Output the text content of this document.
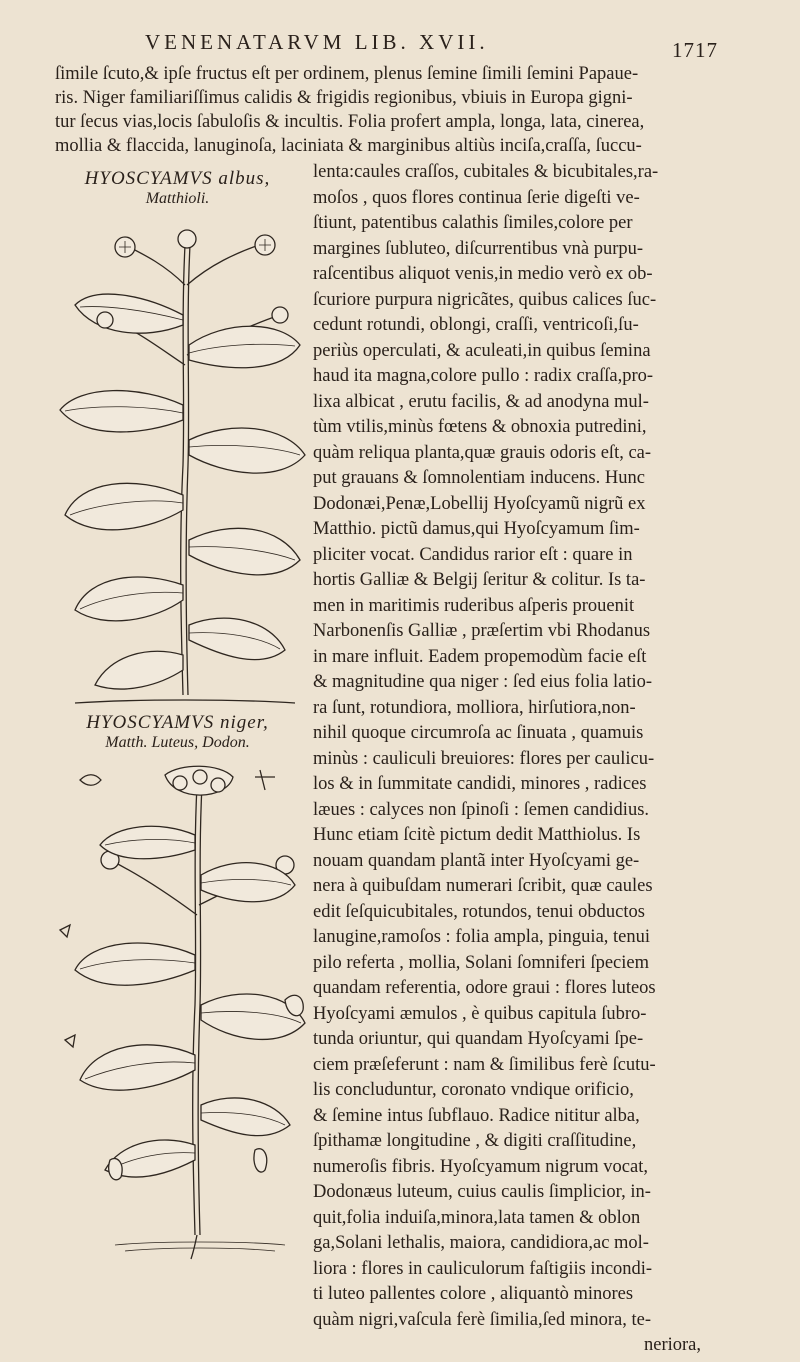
VENENATARVM LIB. XVII.	1717
ſimile ſcuto,& ipſe fructus eſt per ordinem, plenus ſemine ſimili ſemini Papaue-
ris. Niger familiariſſimus calidis & frigidis regionibus, vbiuis in Europa gigni-
tur ſecus vias,locis ſabuloſis & incultis. Folia profert ampla, longa, lata, cinerea,
mollia & flaccida, lanuginoſa, laciniata & marginibus altiùs inciſa,craſſa, ſuccu-
HYOSCYAMVS albus,
Matthioli.
HYOSCYAMVS niger,
Matth. Luteus, Dodon.
lenta:caules craſſos, cubitales & bicubitales,ra-
moſos , quos flores continua ſerie digeſti ve-
ſtiunt, patentibus calathis ſimiles,colore per
margines ſubluteo, diſcurrentibus vnà purpu-
raſcentibus aliquot venis,in medio verò ex ob-
ſcuriore purpura nigricãtes, quibus calices ſuc-
cedunt rotundi, oblongi, craſſi, ventricoſi,ſu-
periùs operculati, & aculeati,in quibus ſemina
haud ita magna,colore pullo : radix craſſa,pro-
lixa albicat , erutu facilis, & ad anodyna mul-
tùm vtilis,minùs fœtens & obnoxia putredini,
quàm reliqua planta,quæ grauis odoris eſt, ca-
put grauans & ſomnolentiam inducens. Hunc
Dodonæi,Penæ,Lobellij Hyoſcyamũ nigrũ ex
Matthio. pictũ damus,qui Hyoſcyamum ſim-
pliciter vocat. Candidus rarior eſt : quare in
hortis Galliæ & Belgij ſeritur & colitur. Is ta-
men in maritimis ruderibus aſperis prouenit
Narbonenſis Galliæ , præſertim vbi Rhodanus
in mare influit. Eadem propemodùm facie eſt
& magnitudine qua niger : ſed eius folia latio-
ra ſunt, rotundiora, molliora, hirſutiora,non-
nihil quoque circumroſa ac ſinuata , quamuis
minùs : cauliculi breuiores: flores per caulicu-
los & in ſummitate candidi, minores , radices
læues : calyces non ſpinoſi : ſemen candidius.
Hunc etiam ſcitè pictum dedit Matthiolus. Is
nouam quandam plantã inter Hyoſcyami ge-
nera à quibuſdam numerari ſcribit, quæ caules
edit ſeſquicubitales, rotundos, tenui obductos
lanugine,ramoſos : folia ampla, pinguia, tenui
pilo referta , mollia, Solani ſomniferi ſpeciem
quandam referentia, odore graui : flores luteos
Hyoſcyami æmulos , è quibus capitula ſubro-
tunda oriuntur, qui quandam Hyoſcyami ſpe-
ciem præſeferunt : nam & ſimilibus ferè ſcutu-
lis concluduntur, coronato vndique orificio,
& ſemine intus ſubflauo. Radice nititur alba,
ſpithamæ longitudine , & digiti craſſitudine,
numeroſis fibris. Hyoſcyamum nigrum vocat,
Dodonæus luteum, cuius caulis ſimplicior, in-
quit,folia induiſa,minora,lata tamen & oblon
ga,Solani lethalis, maiora, candidiora,ac mol-
liora : flores in cauliculorum faſtigiis incondi-
ti luteo pallentes colore , aliquantò minores
quàm nigri,vaſcula ferè ſimilia,ſed minora, te-
neriora,
